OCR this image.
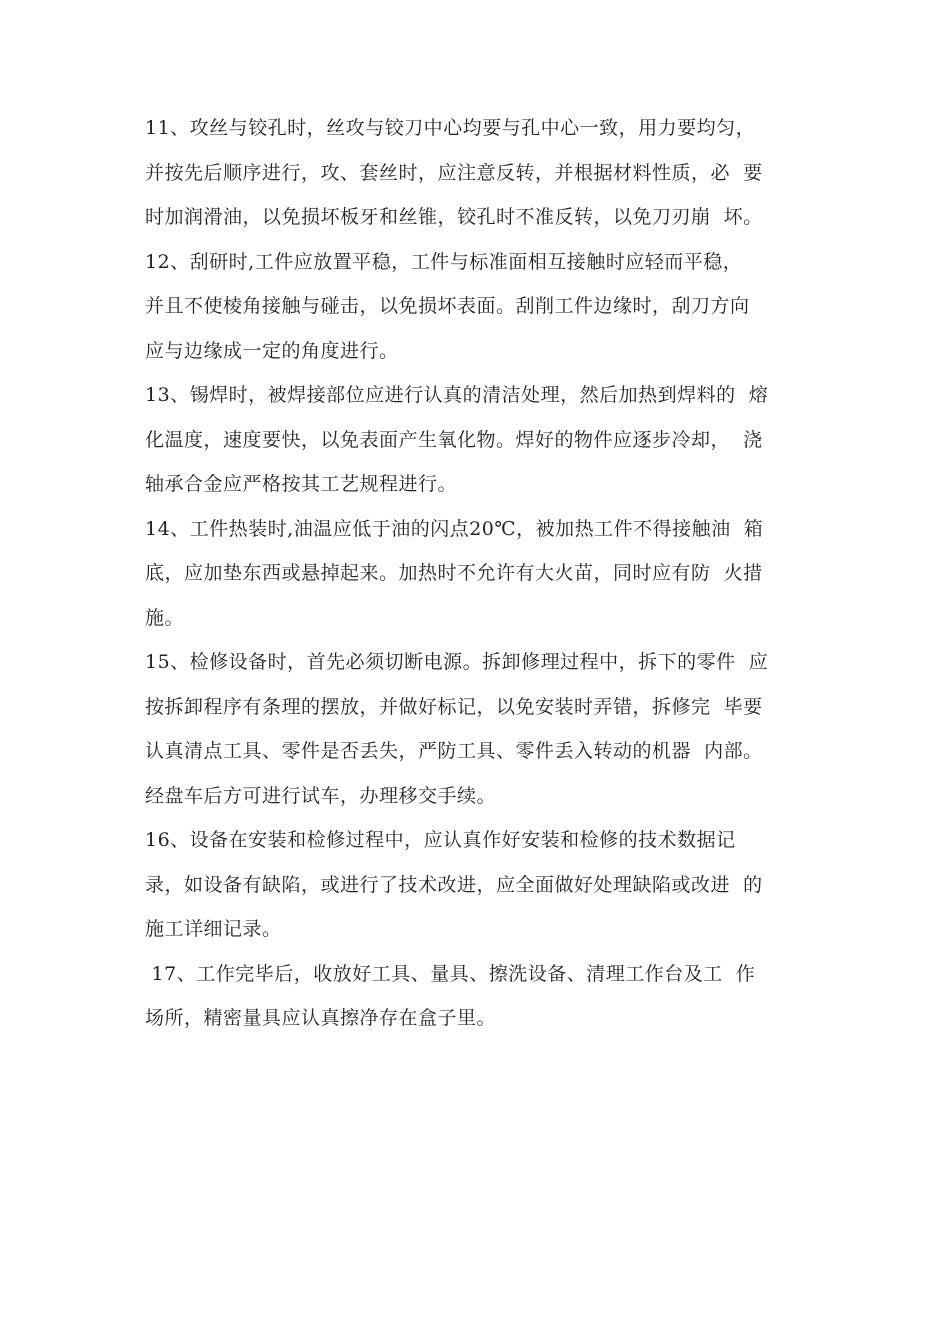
11、攻丝与铰孔时，丝攻与铰刀中心均要与孔中心一致，用力要均匀，
并按先后顺序进行，攻、套丝时，应注意反转，并根据材料性质，必  要
时加润滑油，以免损坏板牙和丝锥，铰孔时不准反转，以免刀刃崩  坏。
12、刮研时,工件应放置平稳，工件与标准面相互接触时应轻而平稳，
并且不使棱角接触与碰击，以免损坏表面。刮削工件边缘时，刮刀方向
应与边缘成一定的角度进行。
13、锡焊时，被焊接部位应进行认真的清洁处理，然后加热到焊料的  熔
化温度，速度要快，以免表面产生氧化物。焊好的物件应逐步冷却，  浇
轴承合金应严格按其工艺规程进行。
14、工件热装时,油温应低于油的闪点20℃，被加热工件不得接触油  箱
底，应加垫东西或悬掉起来。加热时不允许有大火苗，同时应有防  火措
施。
15、检修设备时，首先必须切断电源。拆卸修理过程中，拆下的零件  应
按拆卸程序有条理的摆放，并做好标记，以免安装时弄错，拆修完  毕要
认真清点工具、零件是否丢失，严防工具、零件丢入转动的机器  内部。
经盘车后方可进行试车，办理移交手续。
16、设备在安装和检修过程中，应认真作好安装和检修的技术数据记
录，如设备有缺陷，或进行了技术改进，应全面做好处理缺陷或改进  的
施工详细记录。
17、工作完毕后，收放好工具、量具、擦洗设备、清理工作台及工  作
场所，精密量具应认真擦净存在盒子里。
